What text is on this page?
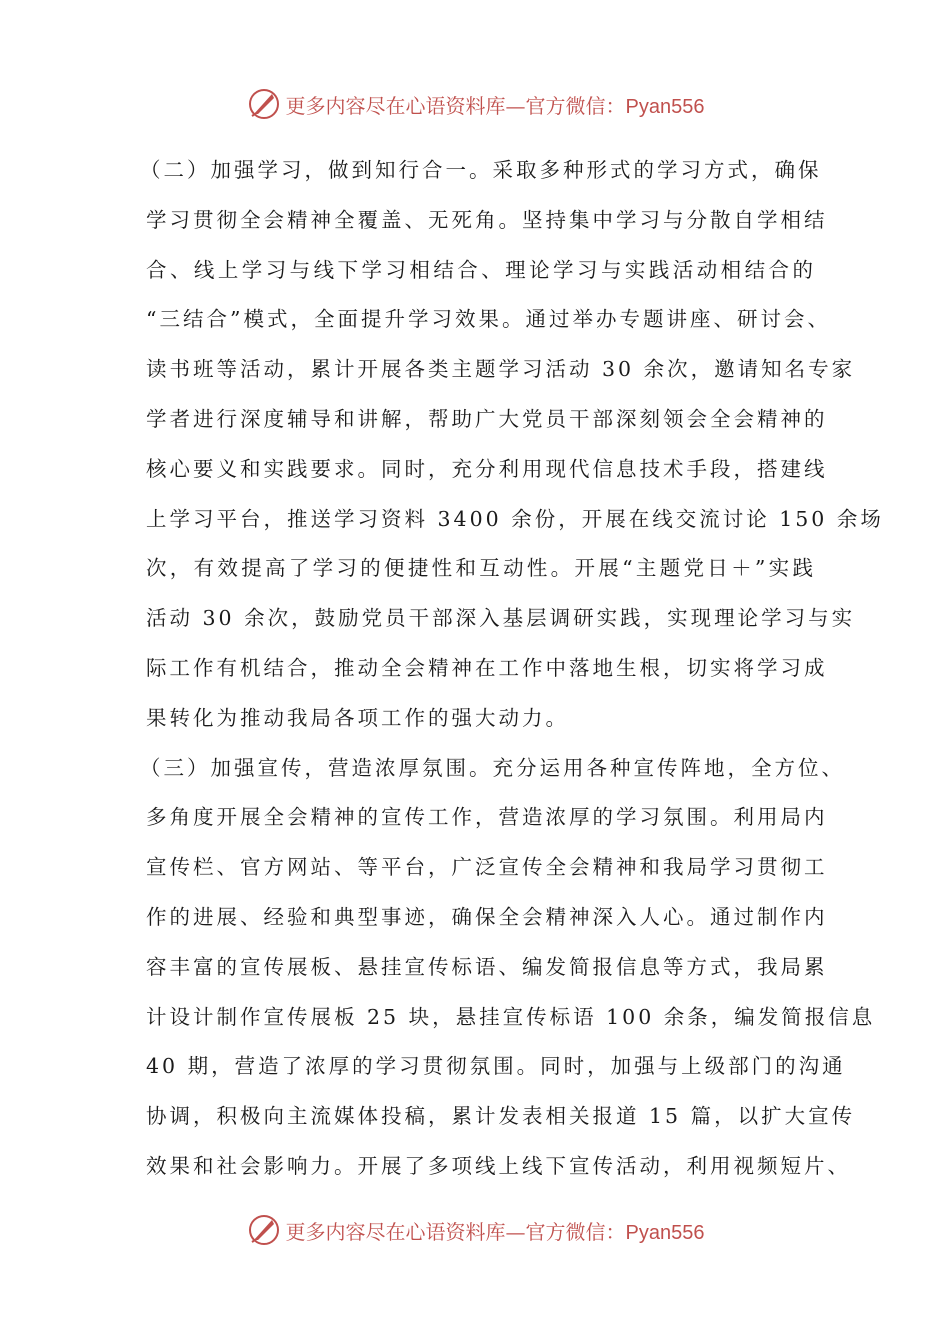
更多内容尽在心语资料库—官方微信：Pyan556
（二）加强学习，做到知行合一。采取多种形式的学习方式，确保
学习贯彻全会精神全覆盖、无死角。坚持集中学习与分散自学相结
合、线上学习与线下学习相结合、理论学习与实践活动相结合的
“三结合”模式，全面提升学习效果。通过举办专题讲座、研讨会、
读书班等活动，累计开展各类主题学习活动 30 余次，邀请知名专家
学者进行深度辅导和讲解，帮助广大党员干部深刻领会全会精神的
核心要义和实践要求。同时，充分利用现代信息技术手段，搭建线
上学习平台，推送学习资料 3400 余份，开展在线交流讨论 150 余场
次，有效提高了学习的便捷性和互动性。开展“主题党日＋”实践
活动 30 余次，鼓励党员干部深入基层调研实践，实现理论学习与实
际工作有机结合，推动全会精神在工作中落地生根，切实将学习成
果转化为推动我局各项工作的强大动力。
（三）加强宣传，营造浓厚氛围。充分运用各种宣传阵地，全方位、
多角度开展全会精神的宣传工作，营造浓厚的学习氛围。利用局内
宣传栏、官方网站、等平台，广泛宣传全会精神和我局学习贯彻工
作的进展、经验和典型事迹，确保全会精神深入人心。通过制作内
容丰富的宣传展板、悬挂宣传标语、编发简报信息等方式，我局累
计设计制作宣传展板 25 块，悬挂宣传标语 100 余条，编发简报信息
40 期，营造了浓厚的学习贯彻氛围。同时，加强与上级部门的沟通
协调，积极向主流媒体投稿，累计发表相关报道 15 篇，以扩大宣传
效果和社会影响力。开展了多项线上线下宣传活动，利用视频短片、
更多内容尽在心语资料库—官方微信：Pyan556
